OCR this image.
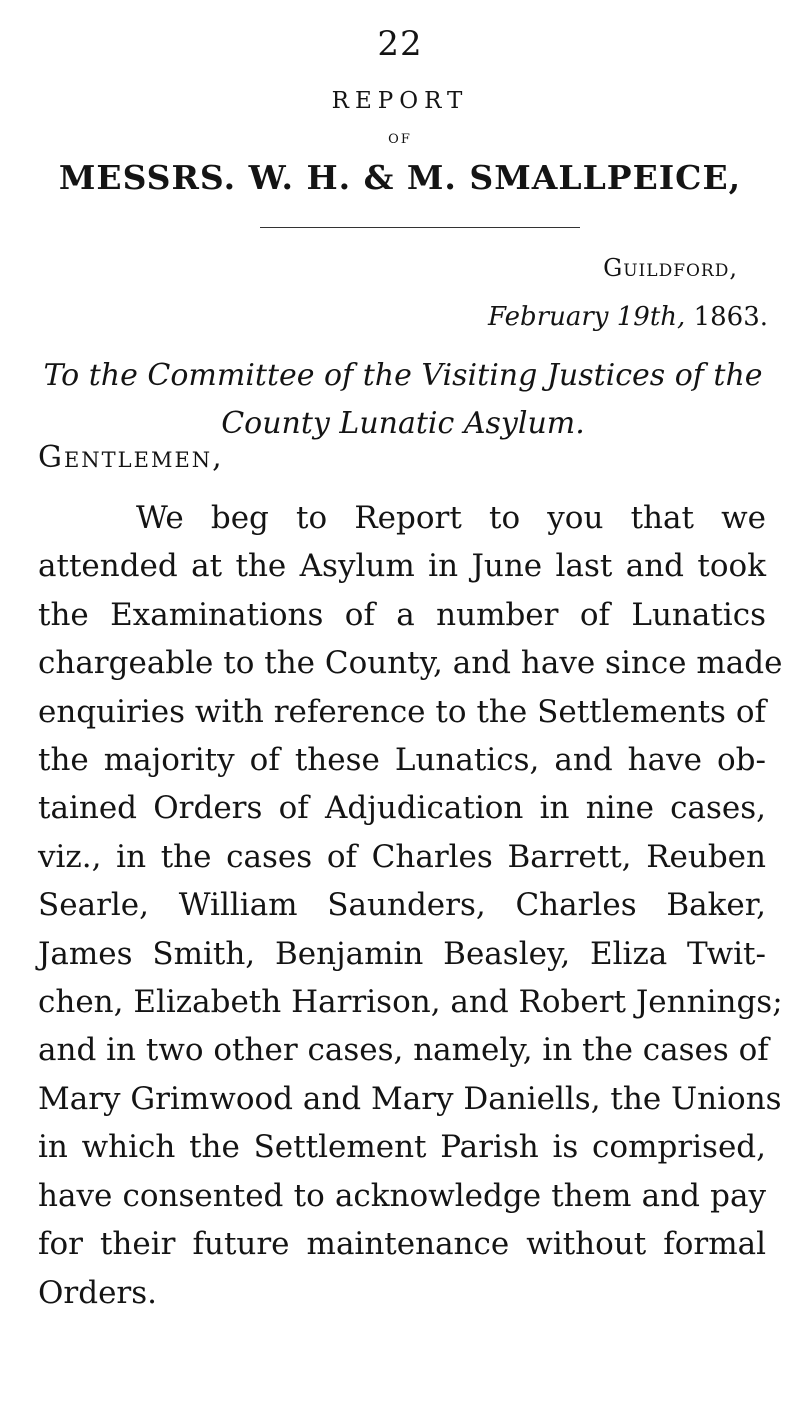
22
REPORT
OF
MESSRS. W. H. & M. SMALLPEICE,
Guildford,
February 19th, 1863.
To the Committee of the Visiting Justices of the County Lunatic Asylum.
Gentlemen,
We beg to Report to you that we
attended at the Asylum in June last and took
the Examinations of a number of Lunatics
chargeable to the County, and have since made
enquiries with reference to the Settlements of
the majority of these Lunatics, and have ob-
tained Orders of Adjudication in nine cases,
viz., in the cases of Charles Barrett, Reuben
Searle, William Saunders, Charles Baker,
James Smith, Benjamin Beasley, Eliza Twit-
chen, Elizabeth Harrison, and Robert Jennings;
and in two other cases, namely, in the cases of
Mary Grimwood and Mary Daniells, the Unions
in which the Settlement Parish is comprised,
have consented to acknowledge them and pay
for their future maintenance without formal
Orders.
